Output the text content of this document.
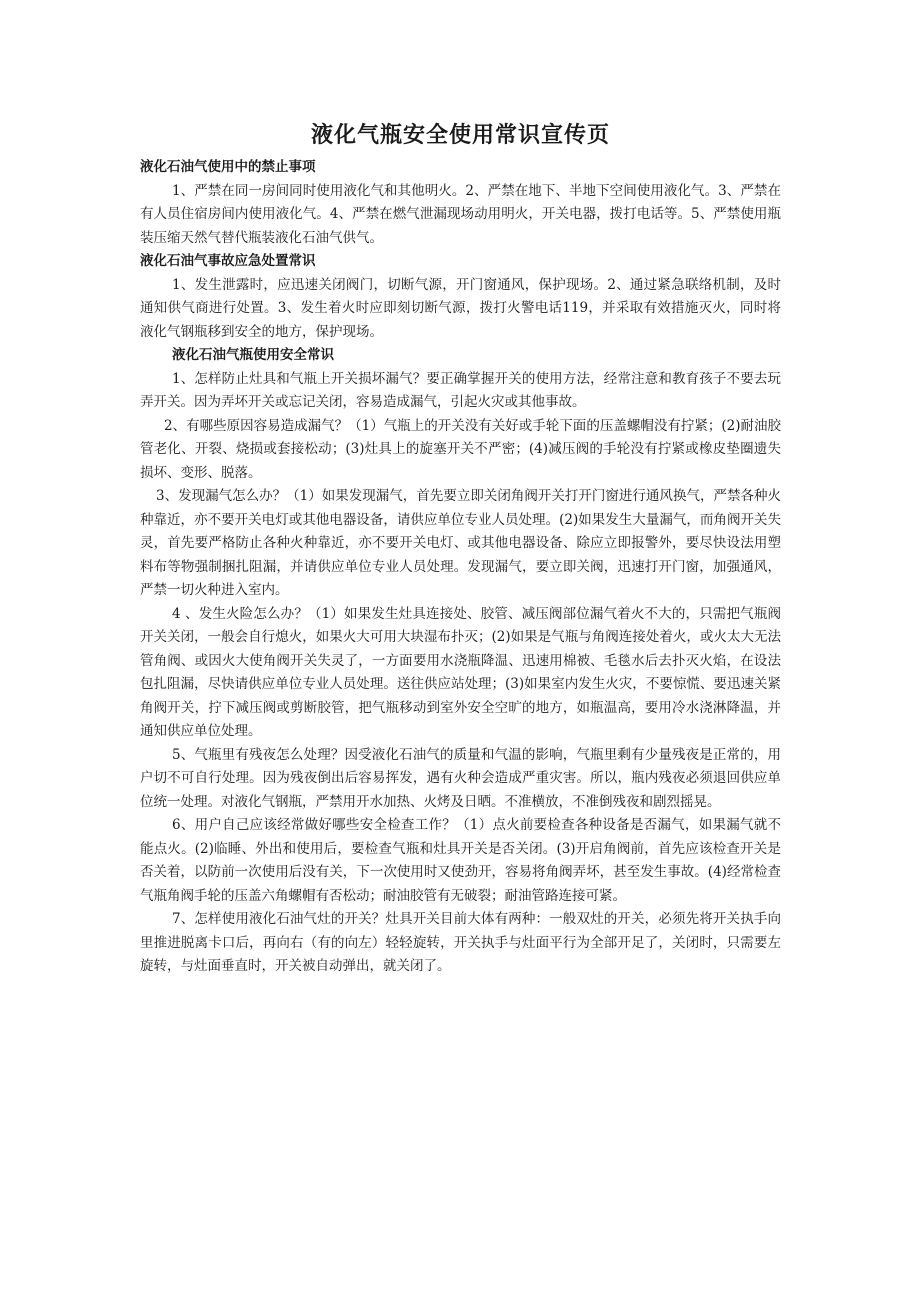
液化气瓶安全使用常识宣传页
液化石油气使用中的禁止事项

1、严禁在同一房间同时使用液化气和其他明火。2、严禁在地下、半地下空间使用液化气。3、严禁在有人员住宿房间内使用液化气。4、严禁在燃气泄漏现场动用明火，开关电器，拨打电话等。5、严禁使用瓶装压缩天然气替代瓶装液化石油气供气。

液化石油气事故应急处置常识

1、发生泄露时，应迅速关闭阀门，切断气源，开门窗通风，保护现场。2、通过紧急联络机制，及时通知供气商进行处置。3、发生着火时应即刻切断气源，拨打火警电话119，并采取有效措施灭火，同时将液化气钢瓶移到安全的地方，保护现场。

液化石油气瓶使用安全常识

1、怎样防止灶具和气瓶上开关损坏漏气？要正确掌握开关的使用方法，经常注意和教育孩子不要去玩弄开关。因为弄坏开关或忘记关闭，容易造成漏气，引起火灾或其他事故。

2、有哪些原因容易造成漏气？（1）气瓶上的开关没有关好或手轮下面的压盖螺帽没有拧紧；(2)耐油胶管老化、开裂、烧损或套接松动；(3)灶具上的旋塞开关不严密；(4)减压阀的手轮没有拧紧或橡皮垫圈遗失损坏、变形、脱落。

3、发现漏气怎么办？（1）如果发现漏气，首先要立即关闭角阀开关打开门窗进行通风换气，严禁各种火种靠近，亦不要开关电灯或其他电器设备，请供应单位专业人员处理。(2)如果发生大量漏气，而角阀开关失灵，首先要严格防止各种火种靠近，亦不要开关电灯、或其他电器设备、除应立即报警外，要尽快设法用塑料布等物强制捆扎阻漏，并请供应单位专业人员处理。发现漏气，要立即关阀，迅速打开门窗，加强通风，严禁一切火种进入室内。

4 、发生火险怎么办？（1）如果发生灶具连接处、胶管、减压阀部位漏气着火不大的，只需把气瓶阀开关关闭，一般会自行熄火，如果火大可用大块湿布扑灭；(2)如果是气瓶与角阀连接处着火，或火太大无法管角阀、或因火大使角阀开关失灵了，一方面要用水浇瓶降温、迅速用棉被、毛毯水后去扑灭火焰，在设法包扎阻漏，尽快请供应单位专业人员处理。送往供应站处理；(3)如果室内发生火灾，不要惊慌、要迅速关紧角阀开关，拧下减压阀或剪断胶管，把气瓶移动到室外安全空旷的地方，如瓶温高，要用冷水浇淋降温，并通知供应单位处理。

5、气瓶里有残夜怎么处理？因受液化石油气的质量和气温的影响，气瓶里剩有少量残夜是正常的，用户切不可自行处理。因为残夜倒出后容易挥发，遇有火种会造成严重灾害。所以，瓶内残夜必须退回供应单位统一处理。对液化气钢瓶，严禁用开水加热、火烤及日晒。不准横放，不准倒残夜和剧烈摇晃。

6、用户自己应该经常做好哪些安全检查工作？（1）点火前要检查各种设备是否漏气，如果漏气就不能点火。(2)临睡、外出和使用后，要检查气瓶和灶具开关是否关闭。(3)开启角阀前，首先应该检查开关是否关着，以防前一次使用后没有关，下一次使用时又使劲开，容易将角阀弄坏，甚至发生事故。(4)经常检查气瓶角阀手轮的压盖六角螺帽有否松动；耐油胶管有无破裂；耐油管路连接可紧。

7、怎样使用液化石油气灶的开关？灶具开关目前大体有两种：一般双灶的开关，必须先将开关执手向里推进脱离卡口后，再向右（有的向左）轻轻旋转，开关执手与灶面平行为全部开足了，关闭时，只需要左旋转，与灶面垂直时，开关被自动弹出，就关闭了。
